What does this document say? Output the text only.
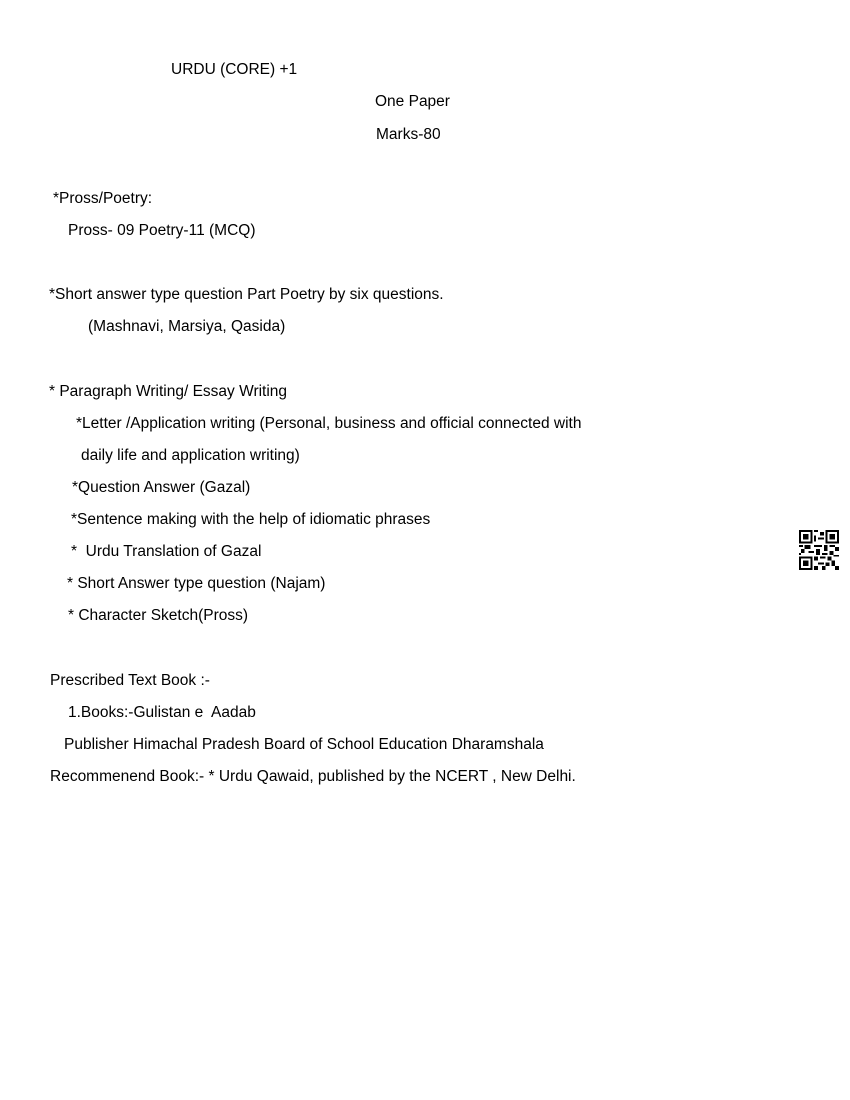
URDU (CORE) +1
One Paper
Marks-80
*Pross/Poetry:
Pross- 09 Poetry-11 (MCQ)
*Short answer type question Part Poetry by six questions.
(Mashnavi, Marsiya, Qasida)
* Paragraph Writing/ Essay Writing
*Letter /Application writing (Personal, business and official connected with
daily life and application writing)
*Question Answer (Gazal)
*Sentence making with the help of idiomatic phrases
*  Urdu Translation of Gazal
* Short Answer type question (Najam)
* Character Sketch(Pross)
Prescribed Text Book :-
1.Books:-Gulistan e  Aadab
Publisher Himachal Pradesh Board of School Education Dharamshala
Recommenend Book:- * Urdu Qawaid, published by the NCERT , New Delhi.
